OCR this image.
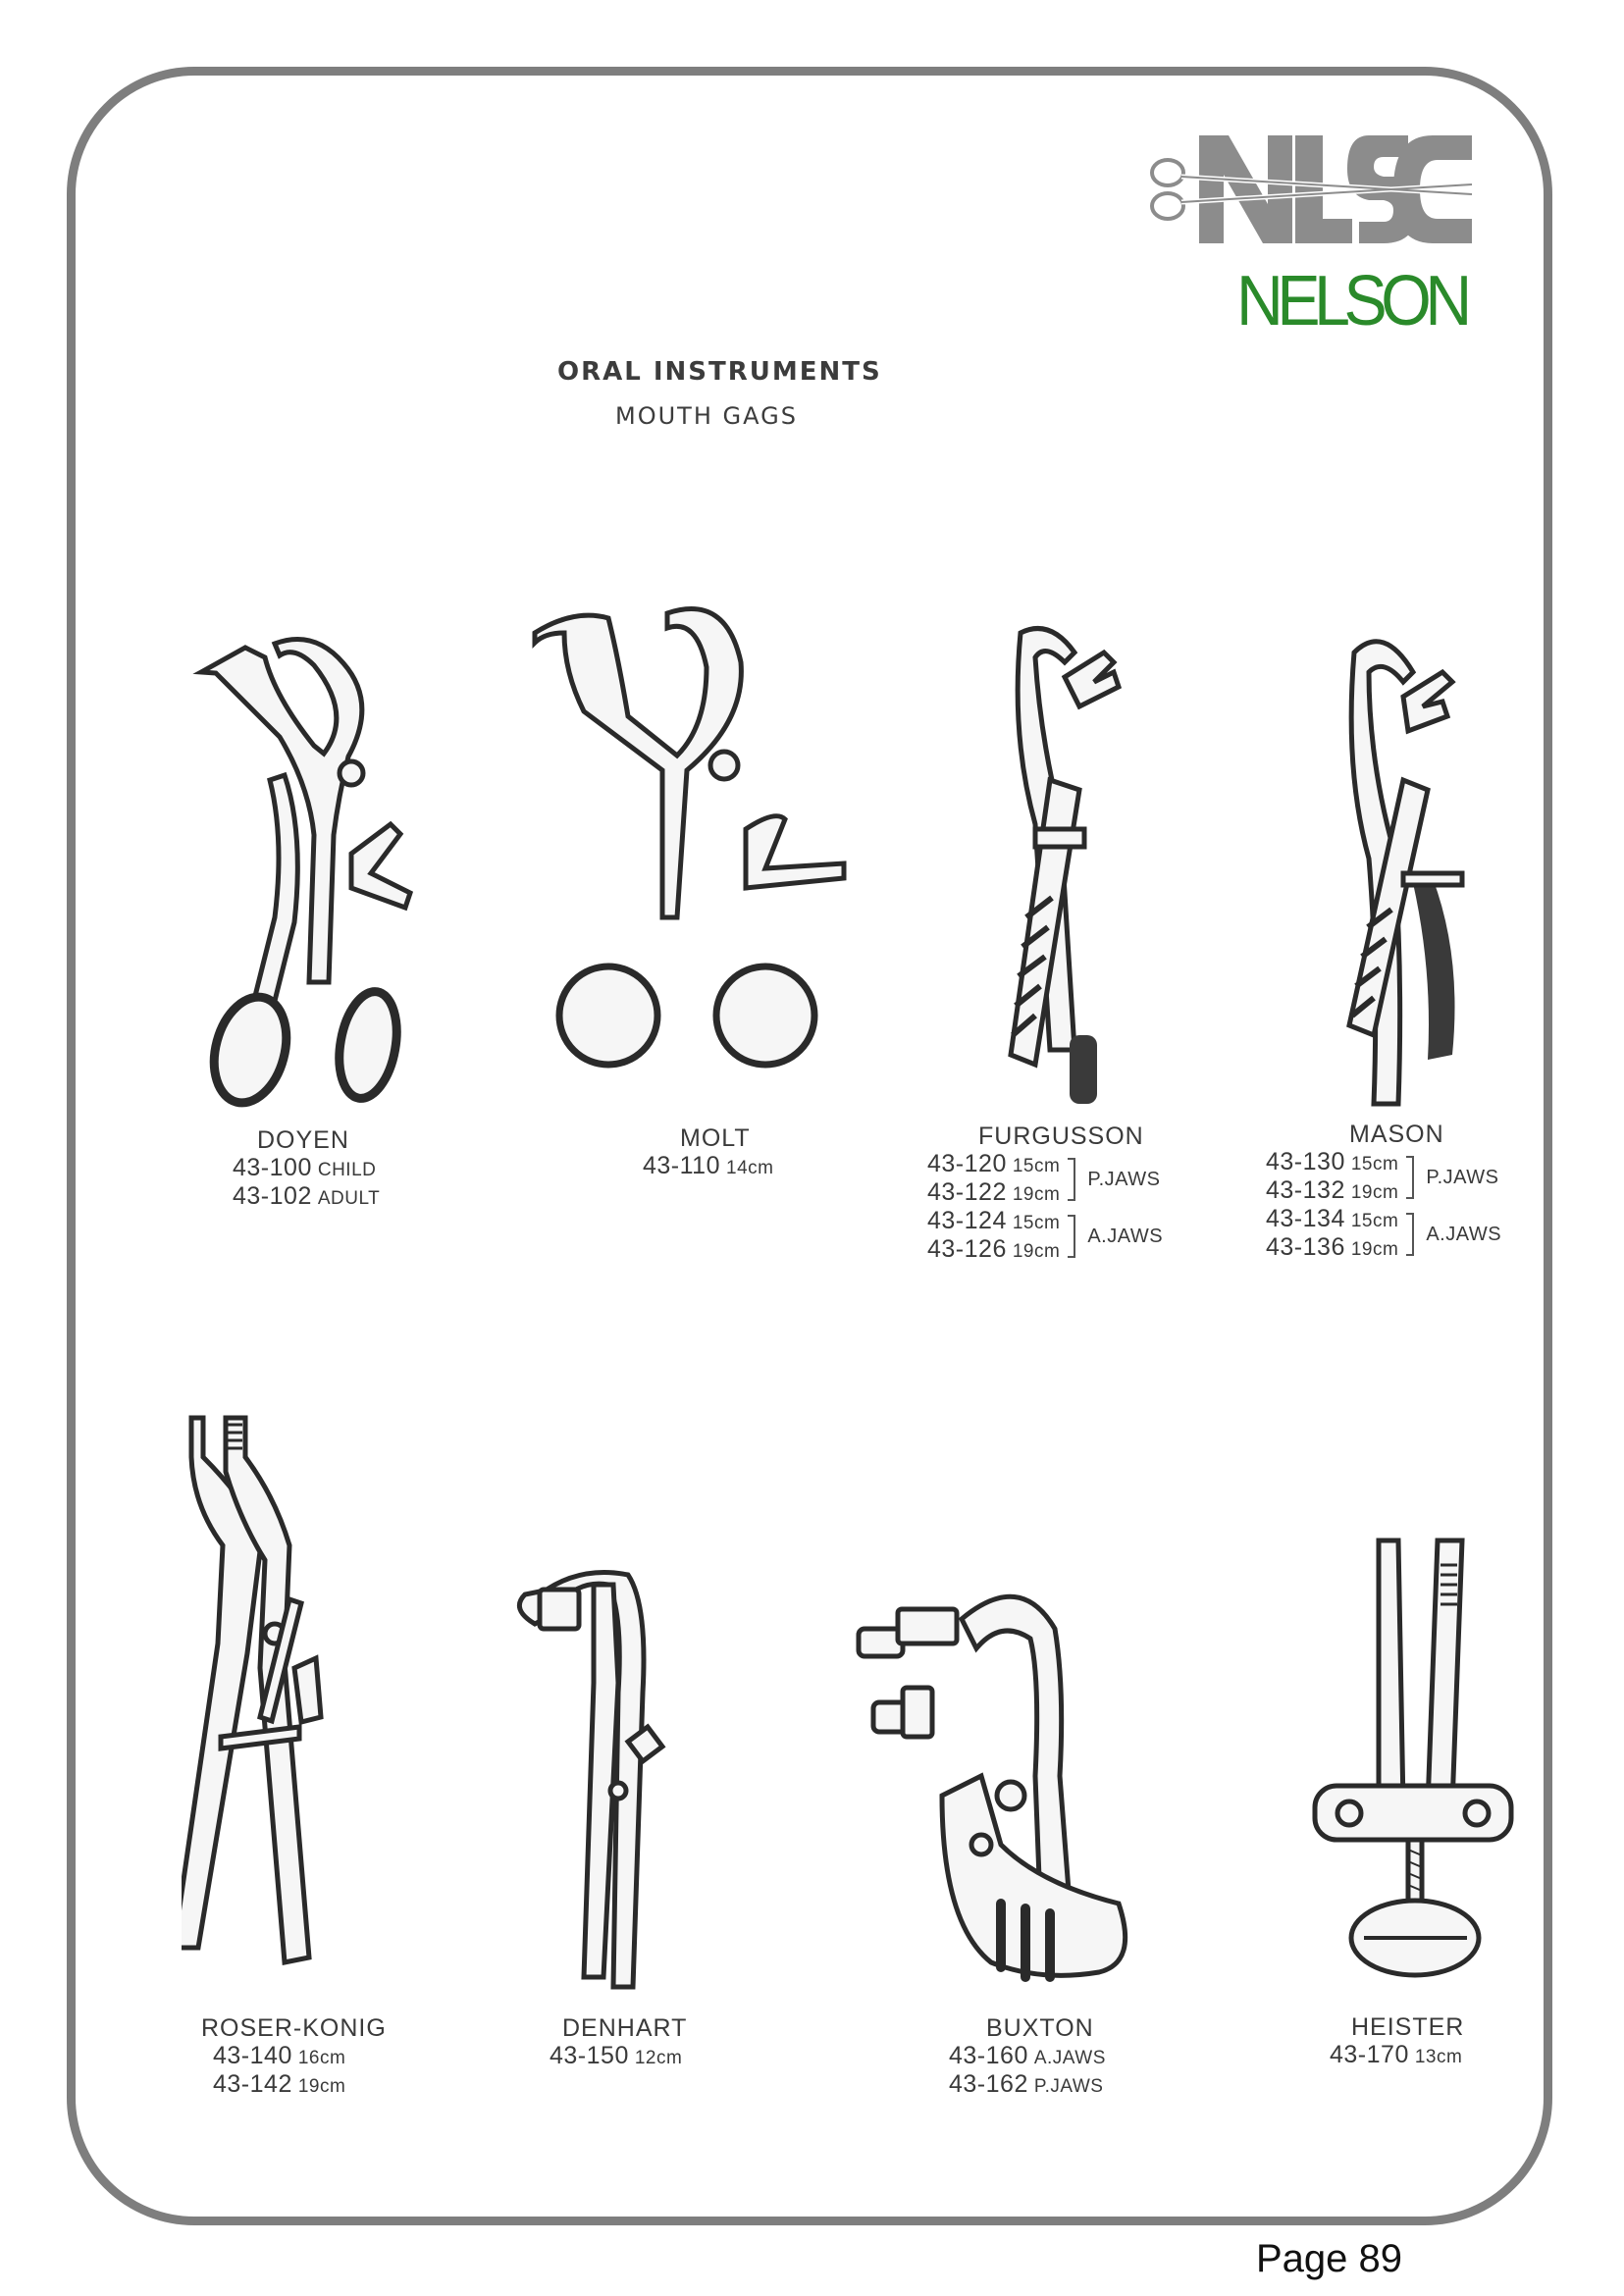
NELSON
ORAL INSTRUMENTS
MOUTH GAGS
DOYEN
43-100 CHILD
43-102 ADULT
MOLT
43-110 14cm
FURGUSSON
43-120 15cm
43-122 19cm
P.JAWS
43-124 15cm
43-126 19cm
A.JAWS
MASON
43-130 15cm
43-132 19cm
P.JAWS
43-134 15cm
43-136 19cm
A.JAWS
ROSER-KONIG
43-140 16cm
43-142 19cm
DENHART
43-150 12cm
BUXTON
43-160 A.JAWS
43-162 P.JAWS
HEISTER
43-170 13cm
Page 89
